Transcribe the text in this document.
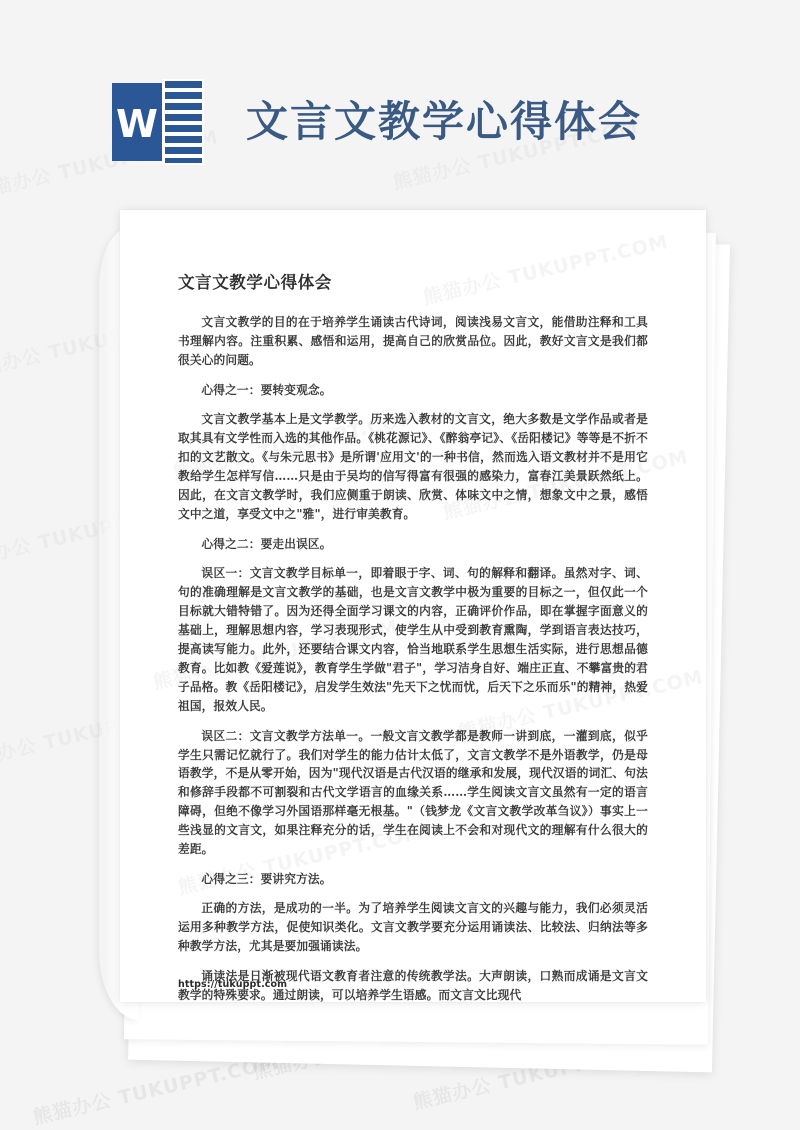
熊猫办公 TUKUPPT.COM	熊猫办公 TUKUPPT.COM
W 文言文教学心得体会
文言文教学心得体会

文言文教学的目的在于培养学生诵读古代诗词，阅读浅易文言文，能借助注释和工具书理解内容。注重积累、感悟和运用，提高自己的欣赏品位。因此，教好文言文是我们都很关心的问题。

心得之一：要转变观念。

文言文教学基本上是文学教学。历来选入教材的文言文，绝大多数是文学作品或者是取其具有文学性而入选的其他作品。《桃花源记》、《醉翁亭记》、《岳阳楼记》等等是不折不扣的文艺散文。《与朱元思书》是所谓'应用文'的一种书信，然而选入语文教材并不是用它教给学生怎样写信……只是由于吴均的信写得富有很强的感染力，富春江美景跃然纸上。因此，在文言文教学时，我们应侧重于朗读、欣赏、体味文中之情，想象文中之景，感悟文中之道，享受文中之"雅"，进行审美教育。

心得之二：要走出误区。

误区一：文言文教学目标单一，即着眼于字、词、句的解释和翻译。虽然对字、词、句的准确理解是文言文教学的基础，也是文言文教学中极为重要的目标之一，但仅此一个目标就大错特错了。因为还得全面学习课文的内容，正确评价作品，即在掌握字面意义的基础上，理解思想内容，学习表现形式，使学生从中受到教育熏陶，学到语言表达技巧，提高读写能力。此外，还要结合课文内容，恰当地联系学生思想生活实际，进行思想品德教育。比如教《爱莲说》，教育学生学做"君子"，学习洁身自好、端庄正直、不攀富贵的君子品格。教《岳阳楼记》，启发学生效法"先天下之忧而忧，后天下之乐而乐"的精神，热爱祖国，报效人民。

误区二：文言文教学方法单一。一般文言文教学都是教师一讲到底，一灌到底，似乎学生只需记忆就行了。我们对学生的能力估计太低了，文言文教学不是外语教学，仍是母语教学，不是从零开始，因为"现代汉语是古代汉语的继承和发展，现代汉语的词汇、句法和修辞手段都不可割裂和古代文学语言的血缘关系……学生阅读文言文虽然有一定的语言障碍，但绝不像学习外国语那样毫无根基。"（钱梦龙《文言文教学改革刍议》）事实上一些浅显的文言文，如果注释充分的话，学生在阅读上不会和对现代文的理解有什么很大的差距。

心得之三：要讲究方法。

正确的方法，是成功的一半。为了培养学生阅读文言文的兴趣与能力，我们必须灵活运用多种教学方法，促使知识类化。文言文教学要充分运用诵读法、比较法、归纳法等多种教学方法，尤其是要加强诵读法。

诵读法是日渐被现代语文教育者注意的传统教学法。大声朗读，口熟而成诵是文言文教学的特殊要求。通过朗读，可以培养学生语感。而文言文比现代

https://tukuppt.com
